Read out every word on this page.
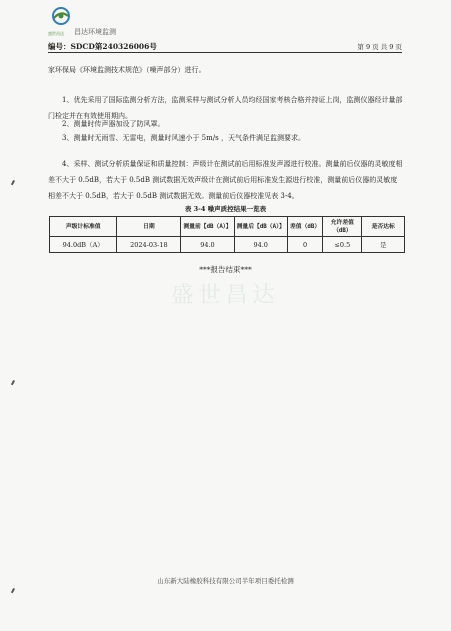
盛世昌达 昌达环境监测
编号：SDCD第240326006号	第 9 页 共 9 页
家环保局《环境监测技术规范》（噪声部分）进行。
1、优先采用了国际监测分析方法，监测采样与测试分析人员均经国家考核合格并持证上岗，监测仪器经计量部门检定并在有效使用期内。
2、测量时传声器加设了防风罩。
3、测量时无雨雪、无雷电，测量时风速小于 5m/s ，天气条件满足监测要求。
4、采样、测试分析质量保证和质量控制：声级计在测试前后用标准发声源进行校准。测量前后仪器的灵敏度相差不大于 0.5dB，若大于 0.5dB 测试数据无效声级计在测试前后用标准发生源进行校准，测量前后仪器的灵敏度相差不大于 0.5dB，若大于 0.5dB 测试数据无效。测量前后仪器校准见表 3-4。
表 3-4 噪声质控结果一览表
声级计标准值	日期	测量前【dB（A）】	测量后【dB（A）】	差值（dB）	允许差值（dB）	是否达标
94.0dB（A）	2024-03-18	94.0	94.0	0	≤0.5	是
***报告结束***
盛世昌达
山东新大陆橡胶科技有限公司半年项目委托检测
